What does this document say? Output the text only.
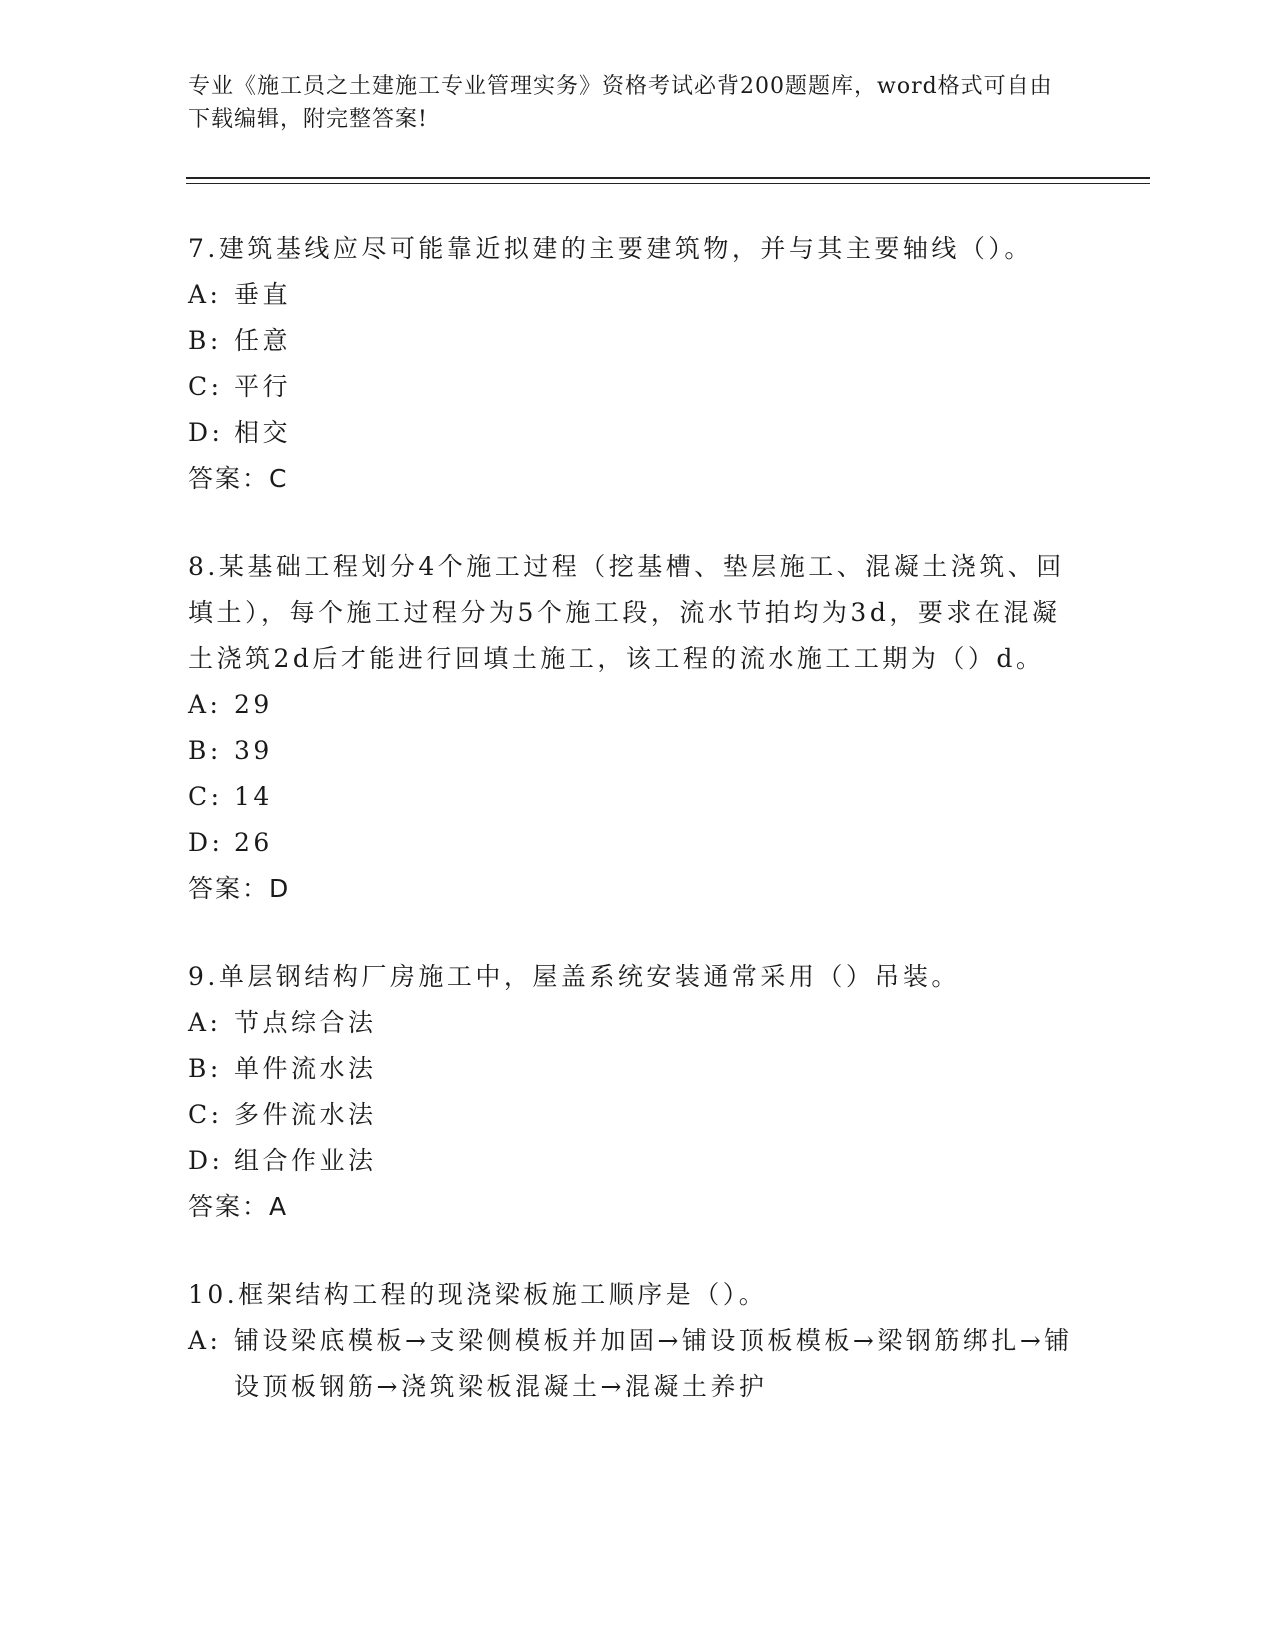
专业《施工员之土建施工专业管理实务》资格考试必背200题题库，word格式可自由下载编辑，附完整答案!

7.建筑基线应尽可能靠近拟建的主要建筑物，并与其主要轴线（）。

A: 垂直
B: 任意
C: 平行
D: 相交

答案：C

8.某基础工程划分4个施工过程（挖基槽、垫层施工、混凝土浇筑、回填土），每个施工过程分为5个施工段，流水节拍均为3d，要求在混凝土浇筑2d后才能进行回填土施工，该工程的流水施工工期为（）d。

A: 29
B: 39
C: 14
D: 26

答案：D

9.单层钢结构厂房施工中，屋盖系统安装通常采用（）吊装。

A: 节点综合法
B: 单件流水法
C: 多件流水法
D: 组合作业法

答案：A

10.框架结构工程的现浇梁板施工顺序是（）。

A: 铺设梁底模板→支梁侧模板并加固→铺设顶板模板→梁钢筋绑扎→铺设顶板钢筋→浇筑梁板混凝土→混凝土养护
